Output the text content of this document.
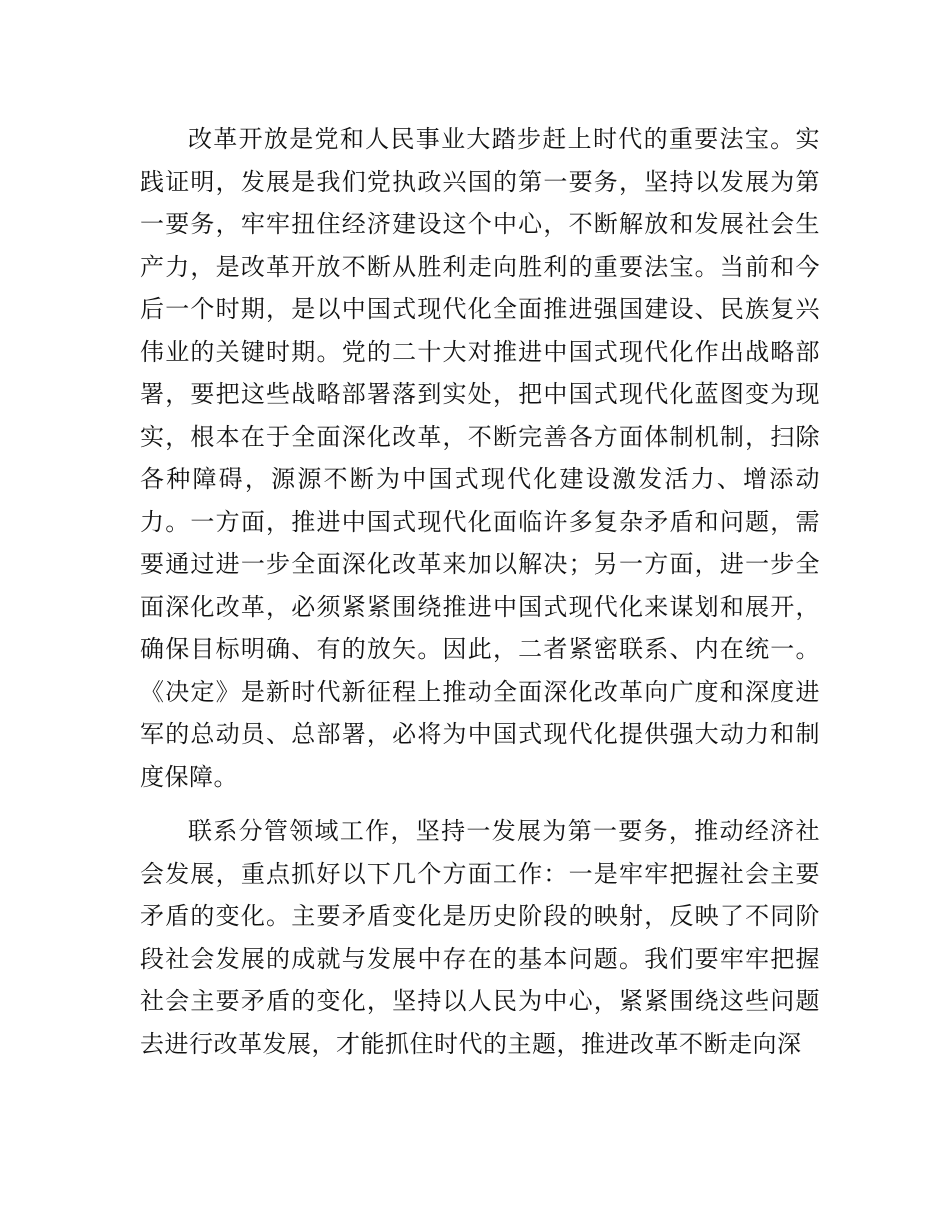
改革开放是党和人民事业大踏步赶上时代的重要法宝。实践证明，发展是我们党执政兴国的第一要务，坚持以发展为第一要务，牢牢扭住经济建设这个中心，不断解放和发展社会生产力，是改革开放不断从胜利走向胜利的重要法宝。当前和今后一个时期，是以中国式现代化全面推进强国建设、民族复兴伟业的关键时期。党的二十大对推进中国式现代化作出战略部署，要把这些战略部署落到实处，把中国式现代化蓝图变为现实，根本在于全面深化改革，不断完善各方面体制机制，扫除各种障碍，源源不断为中国式现代化建设激发活力、增添动力。一方面，推进中国式现代化面临许多复杂矛盾和问题，需要通过进一步全面深化改革来加以解决；另一方面，进一步全面深化改革，必须紧紧围绕推进中国式现代化来谋划和展开，确保目标明确、有的放矢。因此，二者紧密联系、内在统一。《决定》是新时代新征程上推动全面深化改革向广度和深度进军的总动员、总部署，必将为中国式现代化提供强大动力和制度保障。

联系分管领域工作，坚持一发展为第一要务，推动经济社会发展，重点抓好以下几个方面工作：一是牢牢把握社会主要矛盾的变化。主要矛盾变化是历史阶段的映射，反映了不同阶段社会发展的成就与发展中存在的基本问题。我们要牢牢把握社会主要矛盾的变化，坚持以人民为中心，紧紧围绕这些问题去进行改革发展，才能抓住时代的主题，推进改革不断走向深
